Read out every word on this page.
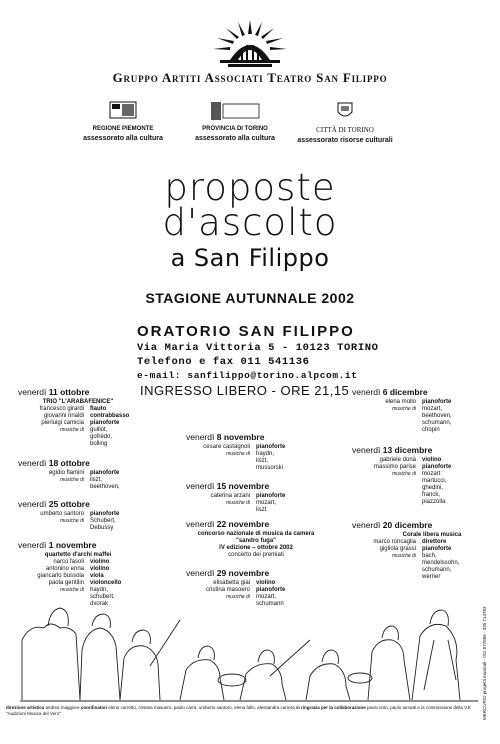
Gruppo Artiti Associati Teatro San Filippo
REGIONE PIEMONTE
assessorato alla cultura
PROVINCIA DI TORINO
assessorato alla cultura
CITTÀ DI TORINO
assessorato risorse culturali
proposte
d'ascolto
a San Filippo
STAGIONE AUTUNNALE 2002
ORATORIO SAN FILIPPO
Via Maria Vittoria 5 - 10123 TORINO
Telefono e fax 011 541136
e-mail: sanfilippo@torino.alpcom.it
INGRESSO LIBERO - ORE 21,15
venerdì 11 ottobre
TRIO "L'ARABAFENICE"
francesco girardi	flauto
giovanni rinaldi	contrabbasso
pierluigi camicia	pianoforte
musiche di	guillot,
gofredo,
bolling
venerdì 18 ottobre
egidio flamini	pianoforte
musiche di	liszt,
beethoven,
venerdì 25 ottobre
umberto santoro	pianoforte
musiche di	Schubert,
Debussy
venerdì 1 novembre
quartetto d'archi maffei
narco fasoli	violino
antonino enna	violino
giancarlo bussola	viola
paola gentilin	violoncello
musiche di	haydn,
schubert,
dvorak
venerdì 8 novembre
cesare castagnoli	pianoforte
musiche di	haydn,
liszt,
mussorski
venerdì 15 novembre
caterina arzani	pianoforte
musiche di	mozart,
liszt
venerdì 22 novembre
concorso nazionale di musica da camera
"sandro fuga"
IV edizione – ottobre 2002
concerto dei premiati
venerdì 29 novembre
elisabetta giai	violino
cristina masoero	pianoforte
musiche di	mozart,
schumann
venerdì 6 dicembre
elena mollo	pianoforte
musiche di	mozart,
beethoven,
schumann,
chopin
venerdì 13 dicembre
gabriele donà	violino
massimo parise	pianoforte
musiche di	mozart
martucci,
ghedini,
franck,
piazzolla
venerdì 20 dicembre
Corale libera musica
marco roncaglia	direttore
gigliola grassi	pianoforte
musiche di	bach,
mendelssohn,
schumann,
werner
MERCURIO progetti musicali - 011 877666 - 335 714783
direzione artistica andrea maggiore coordinatori elena carretto, cristina masoero, paolo carrà, umberto santoro, elena fallo, alessandra carrera si ringrazia per la collaborazione paolo tinto, paolo tumatti e la commissione della V.E "Audizioni Musica del Vero"
